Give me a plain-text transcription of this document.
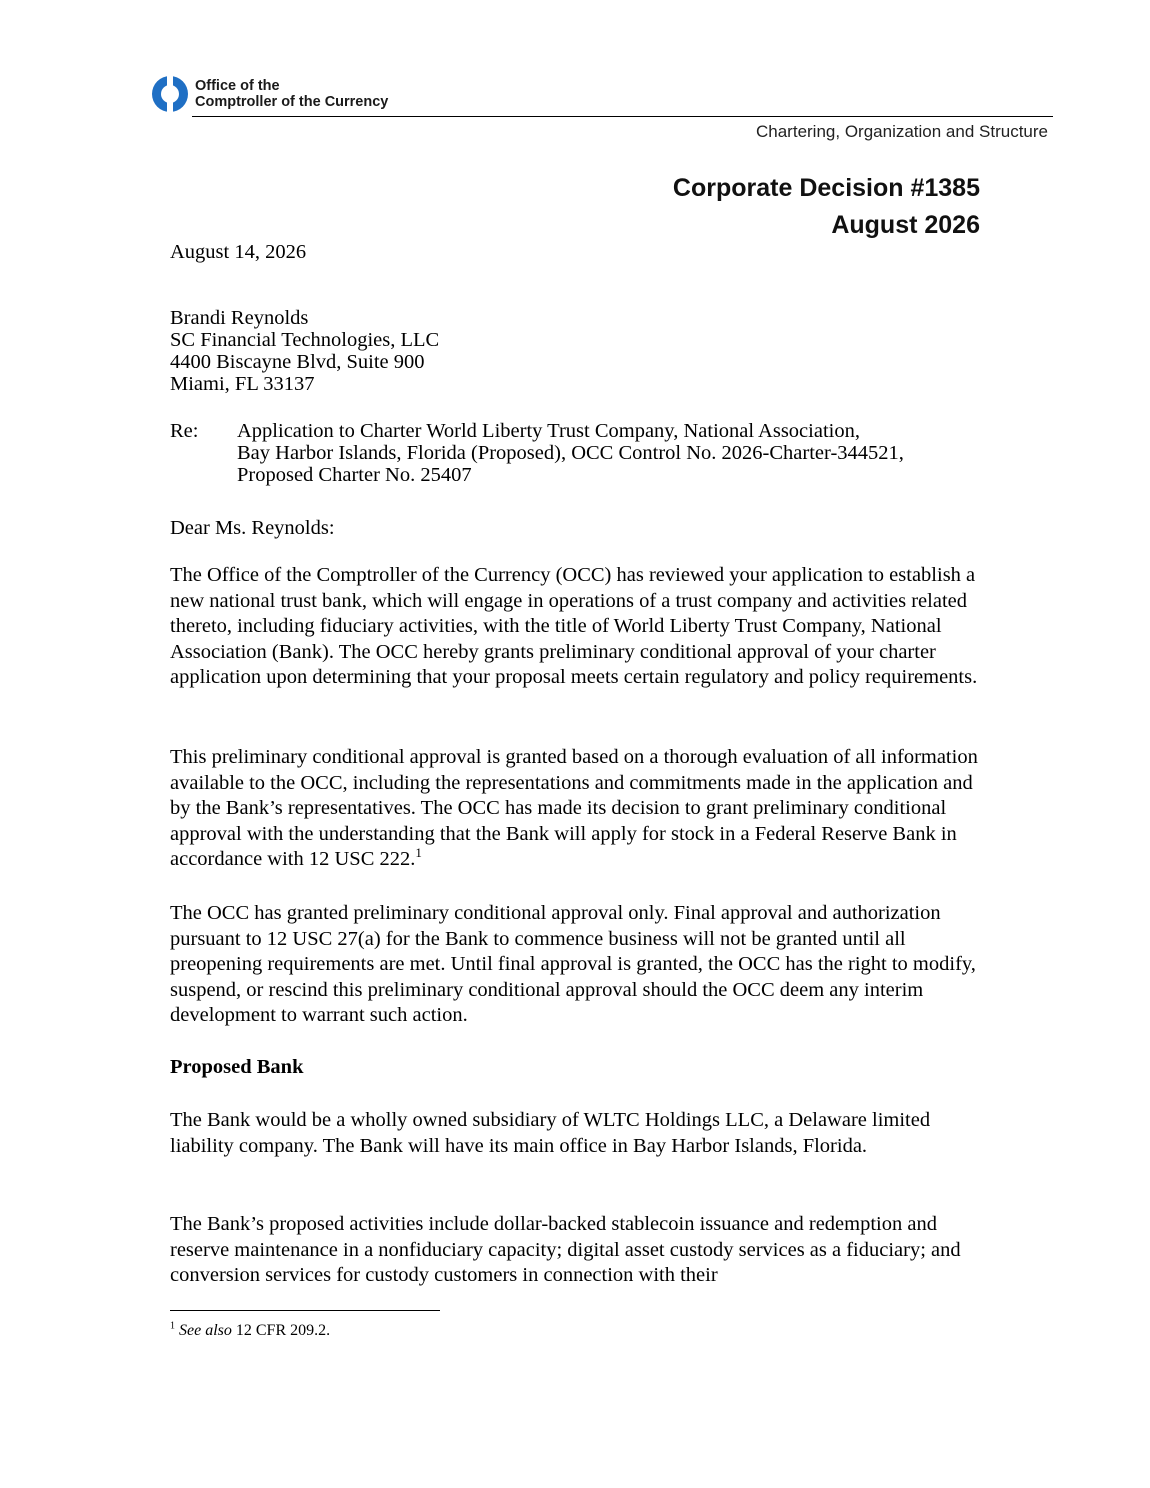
Office of the
Comptroller of the Currency
Chartering, Organization and Structure
Corporate Decision #1385
August 2026
August 14, 2026
Brandi Reynolds
SC Financial Technologies, LLC
4400 Biscayne Blvd, Suite 900
Miami, FL 33137
Re: Application to Charter World Liberty Trust Company, National Association,
Bay Harbor Islands, Florida (Proposed), OCC Control No. 2026-Charter-344521,
Proposed Charter No. 25407
Dear Ms. Reynolds:
The Office of the Comptroller of the Currency (OCC) has reviewed your application to establish a new national trust bank, which will engage in operations of a trust company and activities related thereto, including fiduciary activities, with the title of World Liberty Trust Company, National Association (Bank). The OCC hereby grants preliminary conditional approval of your charter application upon determining that your proposal meets certain regulatory and policy requirements.
This preliminary conditional approval is granted based on a thorough evaluation of all information available to the OCC, including the representations and commitments made in the application and by the Bank’s representatives. The OCC has made its decision to grant preliminary conditional approval with the understanding that the Bank will apply for stock in a Federal Reserve Bank in accordance with 12 USC 222.$^1$
The OCC has granted preliminary conditional approval only. Final approval and authorization pursuant to 12 USC 27(a) for the Bank to commence business will not be granted until all preopening requirements are met. Until final approval is granted, the OCC has the right to modify, suspend, or rescind this preliminary conditional approval should the OCC deem any interim development to warrant such action.
Proposed Bank
The Bank would be a wholly owned subsidiary of WLTC Holdings LLC, a Delaware limited liability company. The Bank will have its main office in Bay Harbor Islands, Florida.
The Bank’s proposed activities include dollar-backed stablecoin issuance and redemption and reserve maintenance in a nonfiduciary capacity; digital asset custody services as a fiduciary; and conversion services for custody customers in connection with their
$^1$ See also 12 CFR 209.2.
